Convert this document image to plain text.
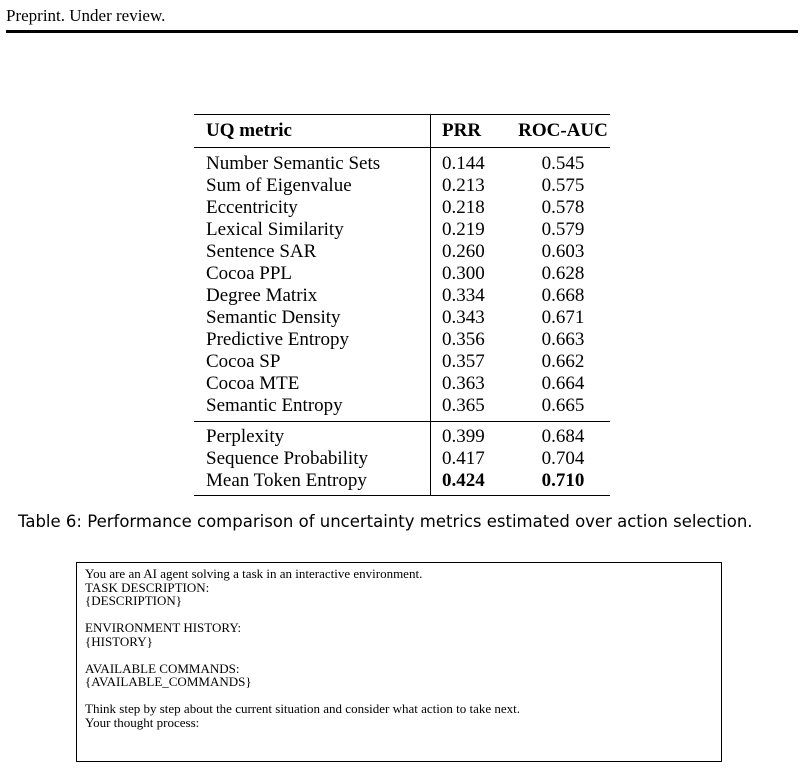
Preprint. Under review.
UQ metric	PRR	ROC-AUC
Number Semantic Sets	0.144	0.545
Sum of Eigenvalue	0.213	0.575
Eccentricity	0.218	0.578
Lexical Similarity	0.219	0.579
Sentence SAR	0.260	0.603
Cocoa PPL	0.300	0.628
Degree Matrix	0.334	0.668
Semantic Density	0.343	0.671
Predictive Entropy	0.356	0.663
Cocoa SP	0.357	0.662
Cocoa MTE	0.363	0.664
Semantic Entropy	0.365	0.665
Perplexity	0.399	0.684
Sequence Probability	0.417	0.704
Mean Token Entropy	0.424	0.710
Table 6: Performance comparison of uncertainty metrics estimated over action selection.
You are an AI agent solving a task in an interactive environment.
TASK DESCRIPTION:
{DESCRIPTION}
ENVIRONMENT HISTORY:
{HISTORY}
AVAILABLE COMMANDS:
{AVAILABLE_COMMANDS}
Think step by step about the current situation and consider what action to take next.
Your thought process:
